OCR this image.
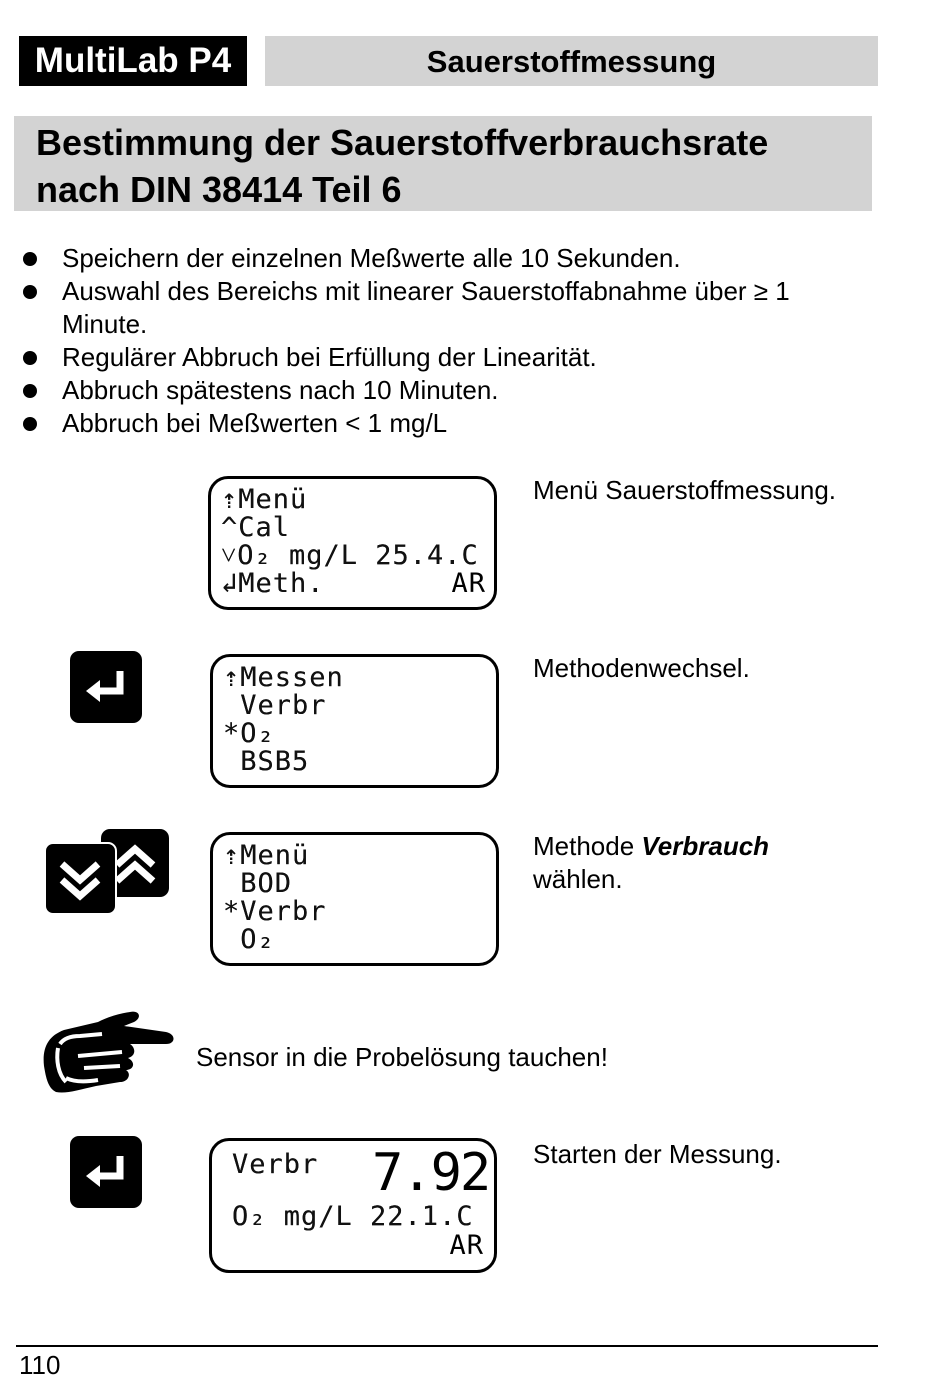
MultiLab P4	Sauerstoffmessung
Bestimmung der Sauerstoffverbrauchsrate
nach DIN 38414 Teil 6
Speichern der einzelnen Meßwerte alle 10 Sekunden.
Auswahl des Bereichs mit linearer Sauerstoffabnahme über ≥ 1 Minute.
Regulärer Abbruch bei Erfüllung der Linearität.
Abbruch spätestens nach 10 Minuten.
Abbruch bei Meßwerten < 1 mg/L
⇡Menü
^Cal
˅O₂ mg/L 25.4.C
↲Meth.	AR
Menü Sauerstoffmessung.
⇡Messen
Verbr
*O₂
BSB5
Methodenwechsel.
⇡Menü
BOD
*Verbr
O₂
Methode Verbrauch
wählen.
Sensor in die Probelösung tauchen!
Verbr 7.92
O₂ mg/L 22.1.C
AR
Starten der Messung.
110
